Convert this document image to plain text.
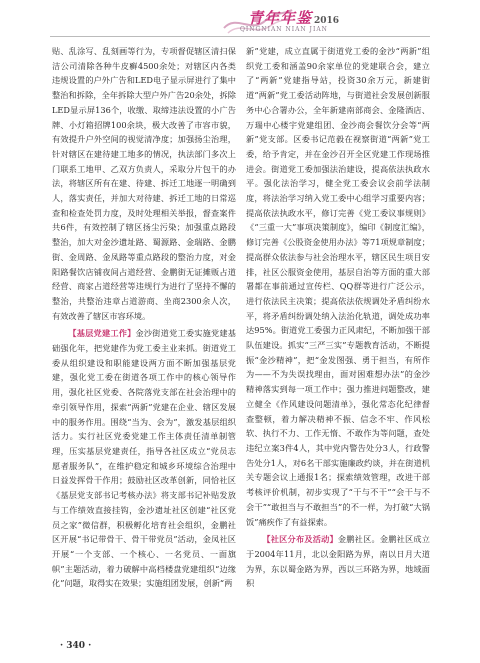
青年年鉴 2016
QINGNIAN NIAN JIAN

贴、乱涂写、乱刻画等行为，专项督促辖区清扫保洁公司清除各种牛皮癣4500余处；对辖区内各类违规设置的户外广告和LED电子显示屏进行了集中整治和拆除，全年拆除大型户外广告20余处，拆除LED显示屏136个，收缴、取缔违法设置的小广告牌、小灯箱招牌100余块，极大改善了市容市貌，有效提升户外空间的视觉清净度；加强扬尘治理，针对辖区在建待建工地多的情况，执法部门多次上门联系工地甲、乙双方负责人，采取分片包干的办法，将辖区所有在建、待建、拆迁工地逐一明确到人，落实责任，并加大对待建、拆迁工地的日常巡查和检查处罚力度，及时处理相关举报，督查案件共6件，有效控制了辖区扬尘污染；加强重点路段整治，加大对金沙遗址路、蜀源路、金瑞路、金鹏街、金周路、金凤路等重点路段的整治力度，对金阳路餐饮店铺夜间占道经营、金鹏街无证摊贩占道经营、商家占道经营等违规行为进行了坚持不懈的整治，共整治违章占道游商、坐商2300余人次，有效改善了辖区市容环境。

【基层党建工作】金沙街道党工委实施党建基础强化年，把党建作为党工委主业来抓。街道党工委从组织建设和职能建设两方面不断加强基层党建，强化党工委在街道各项工作中的核心领导作用，强化社区党委、各院落党支部在社会治理中的牵引领导作用，探索“两新”党建在企业、辖区发展中的服务作用。围绕“当为、会为”，激发基层组织活力。实行社区党委党建工作主体责任清单制管理，压实基层党建责任，指导各社区成立“党员志愿者服务队”，在维护稳定和城乡环境综合治理中日益发挥骨干作用；鼓励社区改革创新，同恰社区《基层党支部书记考核办法》将支部书记补贴发放与工作绩效直接挂钩，金沙遗址社区创建“社区党员之家”微信群，积极孵化培育社会组织，金鹏社区开展“书记带骨干、骨干带党员”活动，金凤社区开展“一个支部、一个核心、一名党员、一面旗帜”主题活动，着力破解中高档楼盘党建组织“边缘化”问题，取得实在效果；实施组团发展，创新“两

新”党建，成立直属于街道党工委的金沙“两新”组织党工委和涵盖90余家单位的党建联合会，建立了“两新”党建指导站，投资30余万元，新建街道“两新”党工委活动阵地，与街道社会发展创新服务中心合署办公，全年新建南部商会、金隆酒店、万瑞中心楼宇党建组团、金沙商会餐饮分会等“两新”党支部。区委书记范毅在视察街道“两新”党工委，给予肯定，并在金沙召开全区党建工作现场推进会。街道党工委加强法治建设，提高依法执政水平。强化法治学习，健全党工委会议会前学法制度，将法治学习纳入党工委中心组学习重要内容；提高依法执政水平，修订完善《党工委议事规则》《“三重一大”事项决策制度》，编印《制度汇编》，修订完善《公股资金使用办法》等71项规章制度；提高群众依法参与社会治理水平，辖区民生项目安排，社区公服资金使用，基层自治等方面的重大部署都在事前通过宣传栏、QQ群等进行广泛公示，进行依法民主决策；提高依法依规调处矛盾纠纷水平，将矛盾纠纷调处纳入法治化轨道，调处成功率达95%。街道党工委强力正风肃纪，不断加强干部队伍建设。抓实“三严三实”专题教育活动，不断提振“金沙精神”，把“金发图强、勇于担当，有所作为——不为失误找理由，面对困难想办法”的金沙精神落实到每一项工作中；强力推进问题整改，建立健全《作风建设问题清单》，强化常态化纪律督查整顿，着力解决精神不振、信念不牢、作风松软、执行不力、工作无惰、不敢作为等问题，查处违纪立案3件4人，其中党内警告处分3人，行政警告处分1人，对6名干部实施廉政约谈，并在街道机关专题会议上通报1名；探索绩效管理，改进干部考核评价机制，初步实现了“干与不干”“会干与不会干”“敢担当与不敢担当”的不一样，为打破“大锅饭”痛疾作了有益探索。

【社区分布及活动】金鹏社区。金鹏社区成立于2004年11月，北以金阳路为界，南以日月大道为界，东以蜀金路为界，西以三环路为界，地域面积

· 340 ·
